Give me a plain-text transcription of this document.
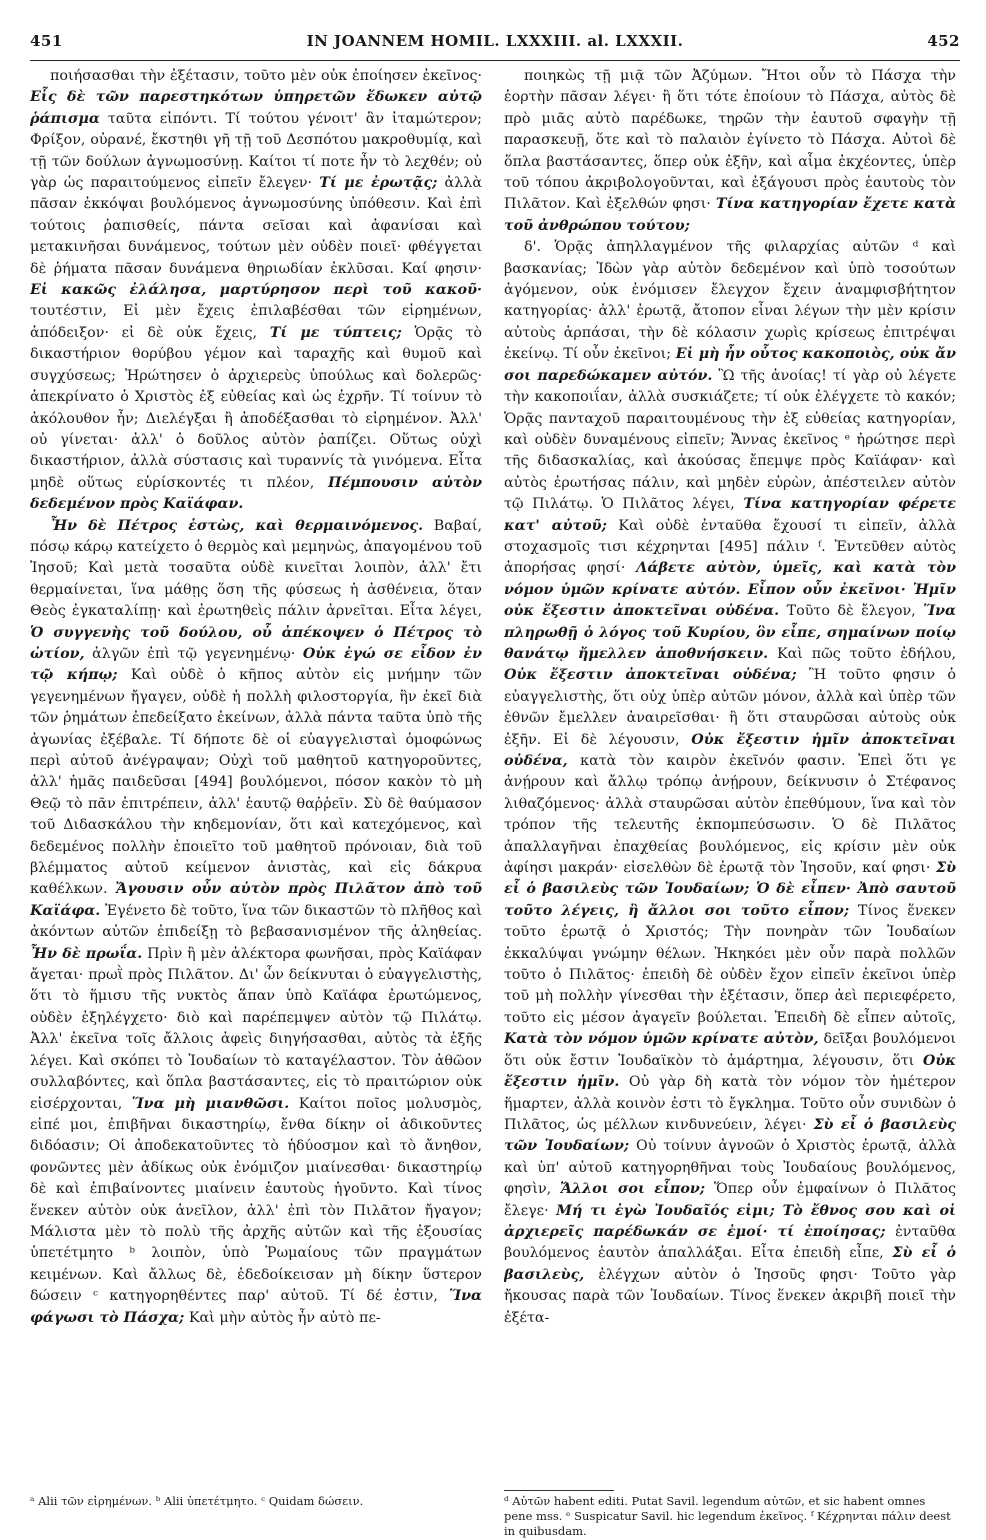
451	IN JOANNEM HOMIL. LXXXIII. al. LXXXII.	452

ποιήσασθαι τὴν ἐξέτασιν, τοῦτο μὲν οὐκ ἐποίησεν ἐκεῖνος· Εἷς δὲ τῶν παρεστηκότων ὑπηρετῶν ἔδωκεν αὐτῷ ῥάπισμα ταῦτα εἰπόντι. Τί τούτου γένοιτ' ἂν ἰταμώτερον; Φρίξον, οὐρανέ, ἔκστηθι γῆ τῇ τοῦ Δεσπότου μακροθυμίᾳ, καὶ τῇ τῶν δούλων ἀγνωμοσύνῃ. Καίτοι τί ποτε ἦν τὸ λεχθέν; οὐ γὰρ ὡς παραιτούμενος εἰπεῖν ἔλεγεν· Τί με ἐρωτᾷς; ἀλλὰ πᾶσαν ἐκκόψαι βουλόμενος ἀγνωμοσύνης ὑπόθεσιν. Καὶ ἐπὶ τούτοις ῥαπισθείς, πάντα σεῖσαι καὶ ἀφανίσαι καὶ μετακινῆσαι δυνάμενος, τούτων μὲν οὐδὲν ποιεῖ· φθέγγεται δὲ ῥήματα πᾶσαν δυνάμενα θηριωδίαν ἐκλῦσαι. Καί φησιν· Εἰ κακῶς ἐλάλησα, μαρτύρησον περὶ τοῦ κακοῦ· τουτέστιν, Εἰ μὲν ἔχεις ἐπιλαβέσθαι τῶν εἰρημένων, ἀπόδειξον· εἰ δὲ οὐκ ἔχεις, Τί με τύπτεις; Ὁρᾷς τὸ δικαστήριον θορύβου γέμον καὶ ταραχῆς καὶ θυμοῦ καὶ συγχύσεως; Ἠρώτησεν ὁ ἀρχιερεὺς ὑπούλως καὶ δολερῶς· ἀπεκρίνατο ὁ Χριστὸς ἐξ εὐθείας καὶ ὡς ἐχρῆν. Τί τοίνυν τὸ ἀκόλουθον ἦν; Διελέγξαι ἢ ἀποδέξασθαι τὸ εἰρημένον. Ἀλλ' οὐ γίνεται· ἀλλ' ὁ δοῦλος αὐτὸν ῥαπίζει. Οὕτως οὐχὶ δικαστήριον, ἀλλὰ σύστασις καὶ τυραννίς τὰ γινόμενα. Εἶτα μηδὲ οὕτως εὑρίσκοντές τι πλέον, Πέμπουσιν αὐτὸν δεδεμένον πρὸς Καϊάφαν.

Ἦν δὲ Πέτρος ἑστὼς, καὶ θερμαινόμενος. Βαβαί, πόσῳ κάρῳ κατείχετο ὁ θερμὸς καὶ μεμηνὼς, ἀπαγομένου τοῦ Ἰησοῦ; Καὶ μετὰ τοσαῦτα οὐδὲ κινεῖται λοιπὸν, ἀλλ' ἔτι θερμαίνεται, ἵνα μάθῃς ὅση τῆς φύσεως ἡ ἀσθένεια, ὅταν Θεὸς ἐγκαταλίπῃ· καὶ ἐρωτηθεὶς πάλιν ἀρνεῖται. Εἶτα λέγει, Ὁ συγγενὴς τοῦ δούλου, οὗ ἀπέκοψεν ὁ Πέτρος τὸ ὠτίον, ἀλγῶν ἐπὶ τῷ γεγενημένῳ· Οὐκ ἐγώ σε εἶδον ἐν τῷ κήπῳ; Καὶ οὐδὲ ὁ κῆπος αὐτὸν εἰς μνήμην τῶν γεγενημένων ἤγαγεν, οὐδὲ ἡ πολλὴ φιλοστοργία, ἣν ἐκεῖ διὰ τῶν ῥημάτων ἐπεδείξατο ἐκείνων, ἀλλὰ πάντα ταῦτα ὑπὸ τῆς ἀγωνίας ἐξέβαλε. Τί δήποτε δὲ οἱ εὐαγγελισταὶ ὁμοφώνως περὶ αὐτοῦ ἀνέγραψαν; Οὐχὶ τοῦ μαθητοῦ κατηγοροῦντες, ἀλλ' ἡμᾶς παιδεῦσαι [494] βουλόμενοι, πόσον κακὸν τὸ μὴ Θεῷ τὸ πᾶν ἐπιτρέπειν, ἀλλ' ἑαυτῷ θαῤῥεῖν. Σὺ δὲ θαύμασον τοῦ Διδασκάλου τὴν κηδεμονίαν, ὅτι καὶ κατεχόμενος, καὶ δεδεμένος πολλὴν ἐποιεῖτο τοῦ μαθητοῦ πρόνοιαν, διὰ τοῦ βλέμματος αὐτοῦ κείμενον ἀνιστὰς, καὶ εἰς δάκρυα καθέλκων. Ἄγουσιν οὖν αὐτὸν πρὸς Πιλᾶτον ἀπὸ τοῦ Καϊάφα. Ἐγένετο δὲ τοῦτο, ἵνα τῶν δικαστῶν τὸ πλῆθος καὶ ἀκόντων αὐτῶν ἐπιδείξῃ τὸ βεβασανισμένον τῆς ἀληθείας. Ἦν δὲ πρωΐα. Πρὶν ἢ μὲν ἀλέκτορα φωνῆσαι, πρὸς Καϊάφαν ἄγεται· πρωῒ πρὸς Πιλᾶτον. Δι' ὧν δείκνυται ὁ εὐαγγελιστὴς, ὅτι τὸ ἥμισυ τῆς νυκτὸς ἅπαν ὑπὸ Καϊάφα ἐρωτώμενος, οὐδὲν ἐξηλέγχετο· διὸ καὶ παρέπεμψεν αὐτὸν τῷ Πιλάτῳ. Ἀλλ' ἐκεῖνα τοῖς ἄλλοις ἀφεὶς διηγήσασθαι, αὐτὸς τὰ ἑξῆς λέγει. Καὶ σκόπει τὸ Ἰουδαίων τὸ καταγέλαστον. Τὸν ἀθῶον συλλαβόντες, καὶ ὅπλα βαστάσαντες, εἰς τὸ πραιτώριον οὐκ εἰσέρχονται, Ἵνα μὴ μιανθῶσι. Καίτοι ποῖος μολυσμὸς, εἰπέ μοι, ἐπιβῆναι δικαστηρίῳ, ἔνθα δίκην οἱ ἀδικοῦντες διδόασιν; Οἱ ἀποδεκατοῦντες τὸ ἡδύοσμον καὶ τὸ ἄνηθον, φονῶντες μὲν ἀδίκως οὐκ ἐνόμιζον μιαίνεσθαι· δικαστηρίῳ δὲ καὶ ἐπιβαίνοντες μιαίνειν ἑαυτοὺς ἡγοῦντο. Καὶ τίνος ἕνεκεν αὐτὸν οὐκ ἀνεῖλον, ἀλλ' ἐπὶ τὸν Πιλᾶτον ἤγαγον; Μάλιστα μὲν τὸ πολὺ τῆς ἀρχῆς αὐτῶν καὶ τῆς ἐξουσίας ὑπετέτμητο ᵇ λοιπὸν, ὑπὸ Ῥωμαίους τῶν πραγμάτων κειμένων. Καὶ ἄλλως δὲ, ἐδεδοίκεισαν μὴ δίκην ὕστερον δώσειν ᶜ κατηγορηθέντες παρ' αὐτοῦ. Τί δέ ἐστιν, Ἵνα φάγωσι τὸ Πάσχα; Καὶ μὴν αὐτὸς ἦν αὐτὸ πε-

ποιηκὼς τῇ μιᾷ τῶν Ἀζύμων. Ἤτοι οὖν τὸ Πάσχα τὴν ἑορτὴν πᾶσαν λέγει· ἢ ὅτι τότε ἐποίουν τὸ Πάσχα, αὐτὸς δὲ πρὸ μιᾶς αὐτὸ παρέδωκε, τηρῶν τὴν ἑαυτοῦ σφαγὴν τῇ παρασκευῇ, ὅτε καὶ τὸ παλαιὸν ἐγίνετο τὸ Πάσχα. Αὐτοὶ δὲ ὅπλα βαστάσαντες, ὅπερ οὐκ ἐξῆν, καὶ αἷμα ἐκχέοντες, ὑπὲρ τοῦ τόπου ἀκριβολογοῦνται, καὶ ἐξάγουσι πρὸς ἑαυτοὺς τὸν Πιλᾶτον. Καὶ ἐξελθών φησι· Τίνα κατηγορίαν ἔχετε κατὰ τοῦ ἀνθρώπου τούτου;

δ'. Ὁρᾷς ἀπηλλαγμένον τῆς φιλαρχίας αὐτῶν ᵈ καὶ βασκανίας; Ἰδὼν γὰρ αὐτὸν δεδεμένον καὶ ὑπὸ τοσούτων ἀγόμενον, οὐκ ἐνόμισεν ἔλεγχον ἔχειν ἀναμφισβήτητον κατηγορίας· ἀλλ' ἐρωτᾷ, ἄτοπον εἶναι λέγων τὴν μὲν κρίσιν αὐτοὺς ἁρπάσαι, τὴν δὲ κόλασιν χωρὶς κρίσεως ἐπιτρέψαι ἐκείνῳ. Τί οὖν ἐκεῖνοι; Εἰ μὴ ἦν οὗτος κακοποιὸς, οὐκ ἄν σοι παρεδώκαμεν αὐτόν. Ὢ τῆς ἀνοίας! τί γὰρ οὐ λέγετε τὴν κακοποιΐαν, ἀλλὰ συσκιάζετε; τί οὐκ ἐλέγχετε τὸ κακόν; Ὁρᾷς πανταχοῦ παραιτουμένους τὴν ἐξ εὐθείας κατηγορίαν, καὶ οὐδὲν δυναμένους εἰπεῖν; Ἄννας ἐκεῖνος ᵉ ἠρώτησε περὶ τῆς διδασκαλίας, καὶ ἀκούσας ἔπεμψε πρὸς Καϊάφαν· καὶ αὐτὸς ἐρωτήσας πάλιν, καὶ μηδὲν εὑρὼν, ἀπέστειλεν αὐτὸν τῷ Πιλάτῳ. Ὁ Πιλᾶτος λέγει, Τίνα κατηγορίαν φέρετε κατ' αὐτοῦ; Καὶ οὐδὲ ἐνταῦθα ἔχουσί τι εἰπεῖν, ἀλλὰ στοχασμοῖς τισι κέχρηνται [495] πάλιν ᶠ. Ἐντεῦθεν αὐτὸς ἀπορήσας φησί· Λάβετε αὐτὸν, ὑμεῖς, καὶ κατὰ τὸν νόμον ὑμῶν κρίνατε αὐτόν. Εἶπον οὖν ἐκεῖνοι· Ἡμῖν οὐκ ἔξεστιν ἀποκτεῖναι οὐδένα. Τοῦτο δὲ ἔλεγον, Ἵνα πληρωθῇ ὁ λόγος τοῦ Κυρίου, ὃν εἶπε, σημαίνων ποίῳ θανάτῳ ἤμελλεν ἀποθνήσκειν. Καὶ πῶς τοῦτο ἐδήλου, Οὐκ ἔξεστιν ἀποκτεῖναι οὐδένα; Ἢ τοῦτο φησιν ὁ εὐαγγελιστὴς, ὅτι οὐχ ὑπὲρ αὐτῶν μόνον, ἀλλὰ καὶ ὑπὲρ τῶν ἐθνῶν ἔμελλεν ἀναιρεῖσθαι· ἢ ὅτι σταυρῶσαι αὐτοὺς οὐκ ἐξῆν. Εἰ δὲ λέγουσιν, Οὐκ ἔξεστιν ἡμῖν ἀποκτεῖναι οὐδένα, κατὰ τὸν καιρὸν ἐκεῖνόν φασιν. Ἐπεὶ ὅτι γε ἀνῄρουν καὶ ἄλλῳ τρόπῳ ἀνῄρουν, δείκνυσιν ὁ Στέφανος λιθαζόμενος· ἀλλὰ σταυρῶσαι αὐτὸν ἐπεθύμουν, ἵνα καὶ τὸν τρόπον τῆς τελευτῆς ἐκπομπεύσωσιν. Ὁ δὲ Πιλᾶτος ἀπαλλαγῆναι ἐπαχθείας βουλόμενος, εἰς κρίσιν μὲν οὐκ ἀφίησι μακράν· εἰσελθὼν δὲ ἐρωτᾷ τὸν Ἰησοῦν, καί φησι· Σὺ εἶ ὁ βασιλεὺς τῶν Ἰουδαίων; Ὁ δὲ εἶπεν· Ἀπὸ σαυτοῦ τοῦτο λέγεις, ἢ ἄλλοι σοι τοῦτο εἶπον; Τίνος ἕνεκεν τοῦτο ἐρωτᾷ ὁ Χριστός; Τὴν πονηρὰν τῶν Ἰουδαίων ἐκκαλύψαι γνώμην θέλων. Ἠκηκόει μὲν οὖν παρὰ πολλῶν τοῦτο ὁ Πιλᾶτος· ἐπειδὴ δὲ οὐδὲν ἔχον εἰπεῖν ἐκεῖνοι ὑπὲρ τοῦ μὴ πολλὴν γίνεσθαι τὴν ἐξέτασιν, ὅπερ ἀεὶ περιεφέρετο, τοῦτο εἰς μέσον ἀγαγεῖν βούλεται. Ἐπειδὴ δὲ εἶπεν αὐτοῖς, Κατὰ τὸν νόμον ὑμῶν κρίνατε αὐτὸν, δεῖξαι βουλόμενοι ὅτι οὐκ ἔστιν Ἰουδαϊκὸν τὸ ἁμάρτημα, λέγουσιν, ὅτι Οὐκ ἔξεστιν ἡμῖν. Οὐ γὰρ δὴ κατὰ τὸν νόμον τὸν ἡμέτερον ἥμαρτεν, ἀλλὰ κοινὸν ἐστι τὸ ἔγκλημα. Τοῦτο οὖν συνιδὼν ὁ Πιλᾶτος, ὡς μέλλων κινδυνεύειν, λέγει· Σὺ εἶ ὁ βασιλεὺς τῶν Ἰουδαίων; Οὐ τοίνυν ἀγνοῶν ὁ Χριστὸς ἐρωτᾷ, ἀλλὰ καὶ ὑπ' αὐτοῦ κατηγορηθῆναι τοὺς Ἰουδαίους βουλόμενος, φησὶν, Ἄλλοι σοι εἶπον; Ὅπερ οὖν ἐμφαίνων ὁ Πιλᾶτος ἔλεγε· Μή τι ἐγὼ Ἰουδαῖός εἰμι; Τὸ ἔθνος σου καὶ οἱ ἀρχιερεῖς παρέδωκάν σε ἐμοί· τί ἐποίησας; ἐνταῦθα βουλόμενος ἑαυτὸν ἀπαλλάξαι. Εἶτα ἐπειδὴ εἶπε, Σὺ εἶ ὁ βασιλεὺς, ἐλέγχων αὐτὸν ὁ Ἰησοῦς φησι· Τοῦτο γὰρ ἤκουσας παρὰ τῶν Ἰουδαίων. Τίνος ἕνεκεν ἀκριβῆ ποιεῖ τὴν ἐξέτα-

ᵃ Alii τῶν εἰρημένων. ᵇ Alii ὑπετέτμητο. ᶜ Quidam δώσειν.	ᵈ Αὐτῶν habent editi. Putat Savil. legendum αὐτῶν, et sic habent omnes pene mss. ᵉ Suspicatur Savil. hic legendum ἐκεῖνος. ᶠ Κέχρηνται πάλιν deest in quibusdam.
